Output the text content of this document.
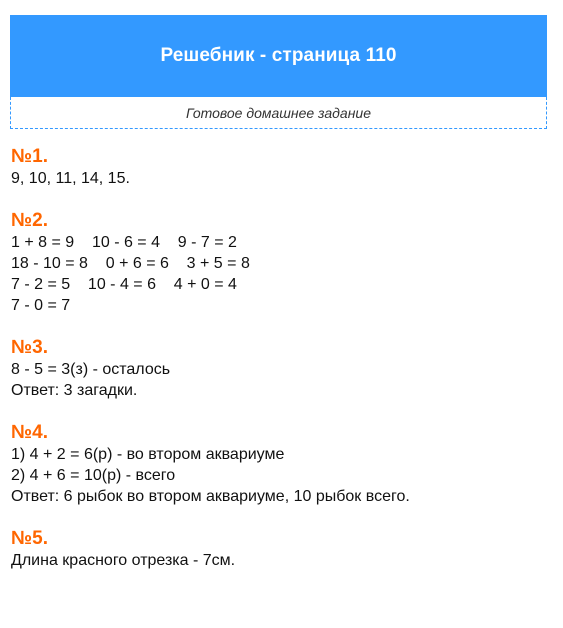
Решебник - страница 110
Готовое домашнее задание
№1.
9, 10, 11, 14, 15.
№2.
1 + 8 = 9    10 - 6 = 4    9 - 7 = 2
18 - 10 = 8    0 + 6 = 6    3 + 5 = 8
7 - 2 = 5    10 - 4 = 6    4 + 0 = 4
7 - 0 = 7
№3.
8 - 5 = 3(з) - осталось
Ответ: 3 загадки.
№4.
1) 4 + 2 = 6(р) - во втором аквариуме
2) 4 + 6 = 10(р) - всего
Ответ: 6 рыбок во втором аквариуме, 10 рыбок всего.
№5.
Длина красного отрезка - 7см.
